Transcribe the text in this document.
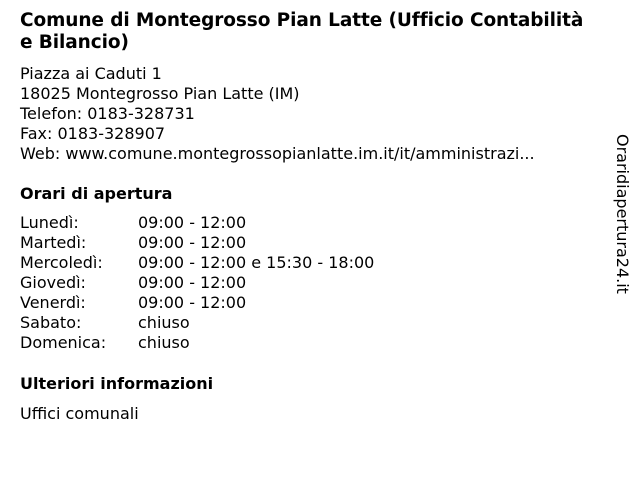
Comune di Montegrosso Pian Latte (Ufficio Contabilità e Bilancio)
Piazza ai Caduti 1
18025 Montegrosso Pian Latte (IM)
Telefon: 0183-328731
Fax: 0183-328907
Web: www.comune.montegrossopianlatte.im.it/it/amministrazi...
Orari di apertura
Lunedì:	09:00 - 12:00
Martedì:	09:00 - 12:00
Mercoledì: 09:00 - 12:00 e 15:30 - 18:00
Giovedì:	09:00 - 12:00
Venerdì:	09:00 - 12:00
Sabato:	chiuso
Domenica: chiuso
Ulteriori informazioni
Uffici comunali
Oraridiapertura24.it
